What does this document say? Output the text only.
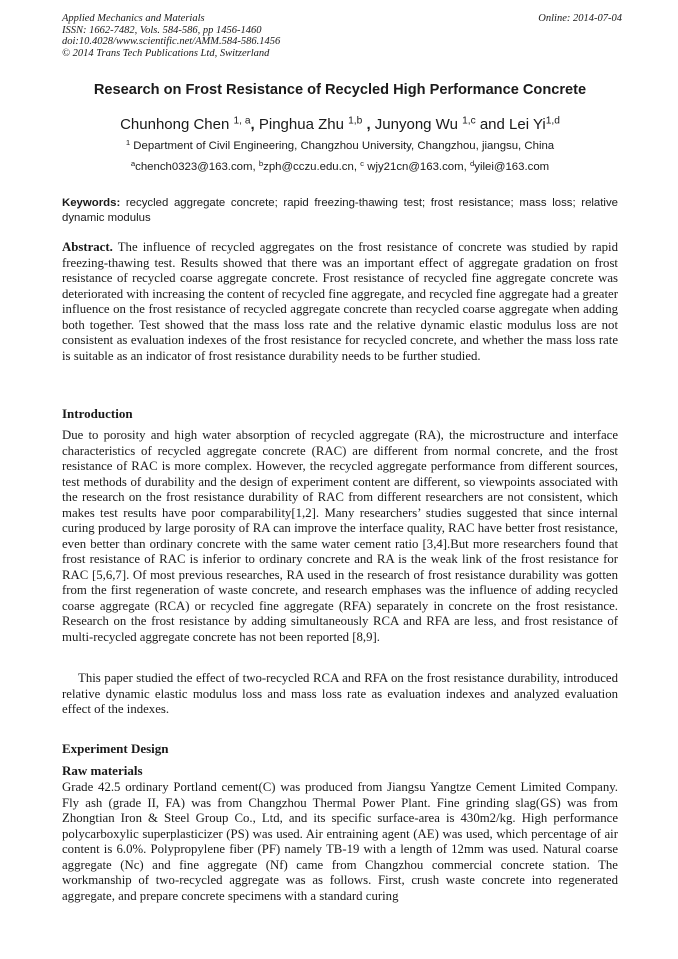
Applied Mechanics and Materials
ISSN: 1662-7482, Vols. 584-586, pp 1456-1460
doi:10.4028/www.scientific.net/AMM.584-586.1456
© 2014 Trans Tech Publications Ltd, Switzerland
Online: 2014-07-04
Research on Frost Resistance of Recycled High Performance Concrete
Chunhong Chen $^{1, a}$, Pinghua Zhu $^{1,b}$ , Junyong Wu $^{1,c}$ and Lei Yi$^{1,d}$
$^1$ Department of Civil Engineering, Changzhou University, Changzhou, jiangsu, China
$^a$chench0323@163.com, $^b$zph@cczu.edu.cn, $^c$ wjy21cn@163.com, $^d$yilei@163.com
Keywords: recycled aggregate concrete; rapid freezing-thawing test; frost resistance; mass loss; relative dynamic modulus
Abstract. The influence of recycled aggregates on the frost resistance of concrete was studied by rapid freezing-thawing test. Results showed that there was an important effect of aggregate gradation on frost resistance of recycled coarse aggregate concrete. Frost resistance of recycled fine aggregate concrete was deteriorated with increasing the content of recycled fine aggregate, and recycled fine aggregate had a greater influence on the frost resistance of recycled aggregate concrete than recycled coarse aggregate when adding both together. Test showed that the mass loss rate and the relative dynamic elastic modulus loss are not consistent as evaluation indexes of the frost resistance for recycled concrete, and whether the mass loss rate is suitable as an indicator of frost resistance durability needs to be further studied.
Introduction
Due to porosity and high water absorption of recycled aggregate (RA), the microstructure and interface characteristics of recycled aggregate concrete (RAC) are different from normal concrete, and the frost resistance of RAC is more complex. However, the recycled aggregate performance from different sources, test methods of durability and the design of experiment content are different, so viewpoints associated with the research on the frost resistance durability of RAC from different researchers are not consistent, which makes test results have poor comparability[1,2]. Many researchers’ studies suggested that since internal curing produced by large porosity of RA can improve the interface quality, RAC have better frost resistance, even better than ordinary concrete with the same water cement ratio [3,4].But more researchers found that frost resistance of RAC is inferior to ordinary concrete and RA is the weak link of the frost resistance for RAC [5,6,7]. Of most previous researches, RA used in the research of frost resistance durability was gotten from the first regeneration of waste concrete, and research emphases was the influence of adding recycled coarse aggregate (RCA) or recycled fine aggregate (RFA) separately in concrete on the frost resistance. Research on the frost resistance by adding simultaneously RCA and RFA are less, and frost resistance of multi-recycled aggregate concrete has not been reported [8,9].
This paper studied the effect of two-recycled RCA and RFA on the frost resistance durability, introduced relative dynamic elastic modulus loss and mass loss rate as evaluation indexes and analyzed evaluation effect of the indexes.
Experiment Design
Raw materials
Grade 42.5 ordinary Portland cement(C) was produced from Jiangsu Yangtze Cement Limited Company. Fly ash (grade II, FA) was from Changzhou Thermal Power Plant. Fine grinding slag(GS) was from Zhongtian Iron & Steel Group Co., Ltd, and its specific surface-area is 430m2/kg. High performance polycarboxylic superplasticizer (PS) was used. Air entraining agent (AE) was used, which percentage of air content is 6.0%. Polypropylene fiber (PF) namely TB-19 with a length of 12mm was used. Natural coarse aggregate (Nc) and fine aggregate (Nf) came from Changzhou commercial concrete station. The workmanship of two-recycled aggregate was as follows. First, crush waste concrete into regenerated aggregate, and prepare concrete specimens with a standard curing
